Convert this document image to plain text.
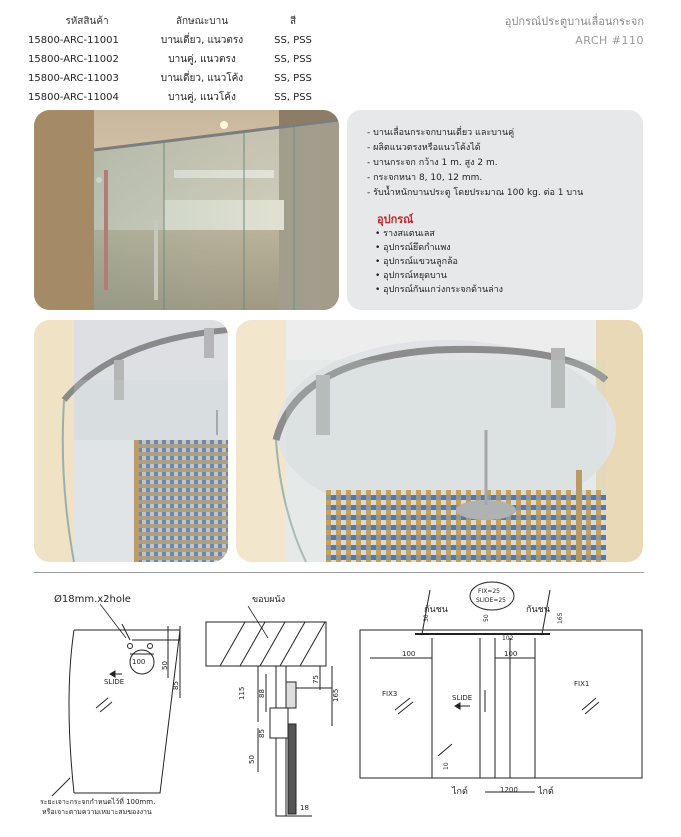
รหัสสินค้า	ลักษณะบาน	สี
15800-ARC-11001	บานเดี่ยว, แนวตรง	SS, PSS
15800-ARC-11002	บานคู่, แนวตรง	SS, PSS
15800-ARC-11003	บานเดี่ยว, แนวโค้ง	SS, PSS
15800-ARC-11004	บานคู่, แนวโค้ง	SS, PSS
อุปกรณ์ประตูบานเลื่อนกระจก
ARCH #110
- บานเลื่อนกระจกบานเดี่ยว และบานคู่
- ผลิตแนวตรงหรือแนวโค้งได้
- บานกระจก กว้าง 1 m. สูง 2 m.
- กระจกหนา 8, 10, 12 mm.
- รับน้ำหนักบานประตู โดยประมาณ 100 kg. ต่อ 1 บาน
อุปกรณ์
• รางสแตนเลส
• อุปกรณ์ยึดกำแพง
• อุปกรณ์แขวนลูกล้อ
• อุปกรณ์หยุดบาน
• อุปกรณ์กันแกว่งกระจกด้านล่าง
Ø18mm.x2hole
100 50
85
SLIDE
ระยะเจาะกระจกกำหนดไว้ที่ 100mm.
หรือเจาะตามความเหมาะสมของงาน
ขอบผนัง
115 88
85
50
75
165
18
กันชน	กันชน
FIX=25
SLIDE=25
30	50
100	100
102
165
10
1200
FIX3
FIX1
SLIDE
ไกด์	ไกด์
